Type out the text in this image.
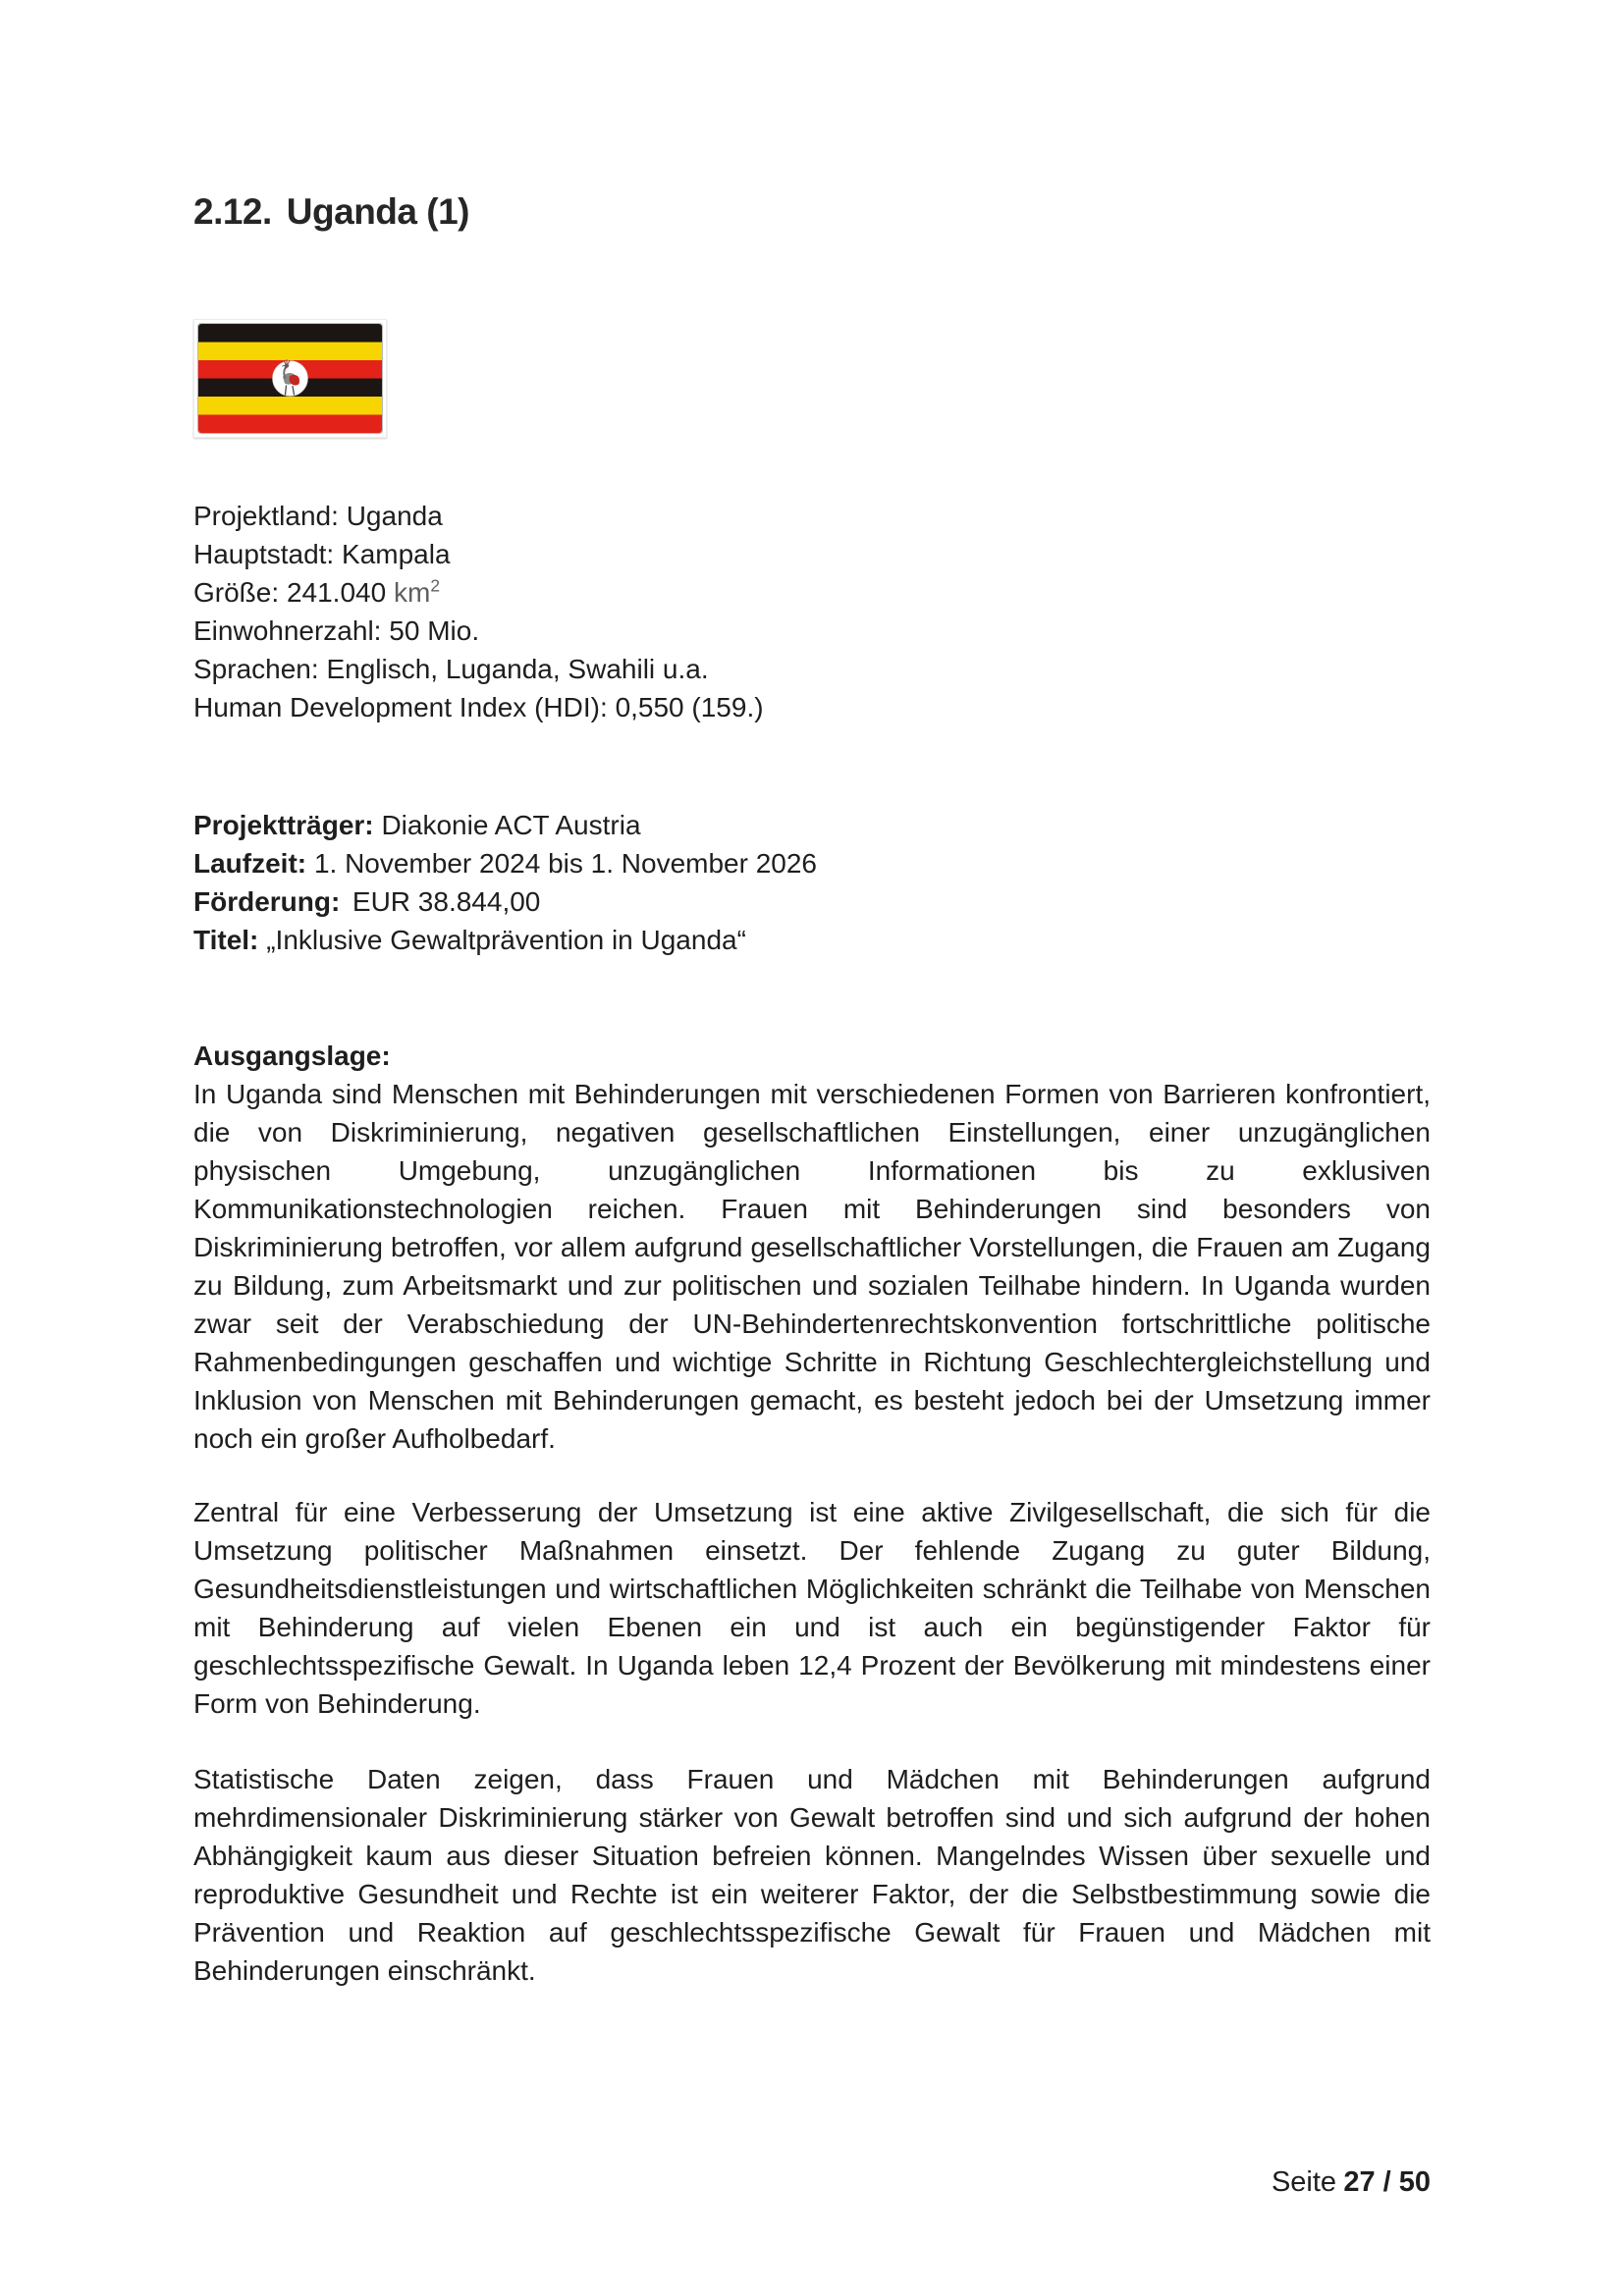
2.12. Uganda (1)
Projektland: Uganda
Hauptstadt: Kampala
Größe: 241.040 $km^2$
Einwohnerzahl: 50 Mio.
Sprachen: Englisch, Luganda, Swahili u.a.
Human Development Index (HDI): 0,550 (159.)
Projektträger: Diakonie ACT Austria
Laufzeit: 1. November 2024 bis 1. November 2026
Förderung: EUR 38.844,00
Titel: „Inklusive Gewaltprävention in Uganda“
Ausgangslage:

In Uganda sind Menschen mit Behinderungen mit verschiedenen Formen von Barrieren konfrontiert, die von Diskriminierung, negativen gesellschaftlichen Einstellungen, einer unzugänglichen physischen Umgebung, unzugänglichen Informationen bis zu exklusiven Kommunikationstechnologien reichen. Frauen mit Behinderungen sind besonders von Diskriminierung betroffen, vor allem aufgrund gesellschaftlicher Vorstellungen, die Frauen am Zugang zu Bildung, zum Arbeitsmarkt und zur politischen und sozialen Teilhabe hindern. In Uganda wurden zwar seit der Verabschiedung der UN-Behindertenrechtskonvention fortschrittliche politische Rahmenbedingungen geschaffen und wichtige Schritte in Richtung Geschlechtergleichstellung und Inklusion von Menschen mit Behinderungen gemacht, es besteht jedoch bei der Umsetzung immer noch ein großer Aufholbedarf.

Zentral für eine Verbesserung der Umsetzung ist eine aktive Zivilgesellschaft, die sich für die Umsetzung politischer Maßnahmen einsetzt. Der fehlende Zugang zu guter Bildung, Gesundheitsdienstleistungen und wirtschaftlichen Möglichkeiten schränkt die Teilhabe von Menschen mit Behinderung auf vielen Ebenen ein und ist auch ein begünstigender Faktor für geschlechtsspezifische Gewalt. In Uganda leben 12,4 Prozent der Bevölkerung mit mindestens einer Form von Behinderung.

Statistische Daten zeigen, dass Frauen und Mädchen mit Behinderungen aufgrund mehrdimensionaler Diskriminierung stärker von Gewalt betroffen sind und sich aufgrund der hohen Abhängigkeit kaum aus dieser Situation befreien können. Mangelndes Wissen über sexuelle und reproduktive Gesundheit und Rechte ist ein weiterer Faktor, der die Selbstbestimmung sowie die Prävention und Reaktion auf geschlechtsspezifische Gewalt für Frauen und Mädchen mit Behinderungen einschränkt.

Seite 27 / 50
